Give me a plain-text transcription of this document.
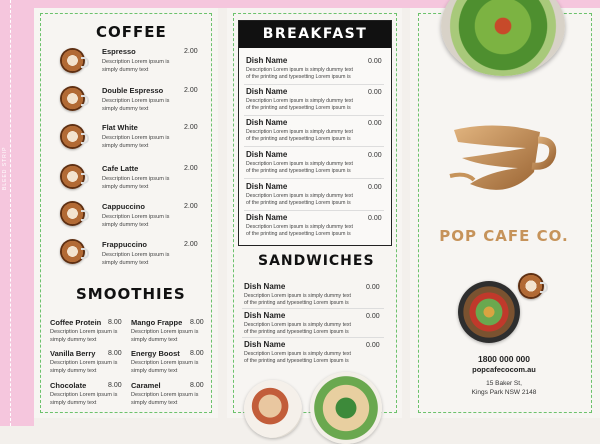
BLEED STRIP
COFFEE
Espresso	2.00
Description Lorem ipsum is
simply dummy text
Double Espresso	2.00
Description Lorem ipsum is
simply dummy text
Flat White	2.00
Description Lorem ipsum is
simply dummy text
Cafe Latte	2.00
Description Lorem ipsum is
simply dummy text
Cappuccino	2.00
Description Lorem ipsum is
simply dummy text
Frappuccino	2.00
Description Lorem ipsum is
simply dummy text
SMOOTHIES
Coffee Protein 8.00
Description Lorem ipsum is
simply dummy text
Mango Frappe 8.00
Description Lorem ipsum is
simply dummy text
Vanilla Berry 8.00
Description Lorem ipsum is
simply dummy text
Energy Boost 8.00
Description Lorem ipsum is
simply dummy text
Chocolate	8.00
Description Lorem ipsum is
simply dummy text
Caramel	8.00
Description Lorem ipsum is
simply dummy text
BREAKFAST
Dish Name	0.00
Description Lorem ipsum is simply dummy text
of the printing and typesetting Lorem ipsum is
Dish Name	0.00
Description Lorem ipsum is simply dummy text
of the printing and typesetting Lorem ipsum is
Dish Name	0.00
Description Lorem ipsum is simply dummy text
of the printing and typesetting Lorem ipsum is
Dish Name	0.00
Description Lorem ipsum is simply dummy text
of the printing and typesetting Lorem ipsum is
Dish Name	0.00
Description Lorem ipsum is simply dummy text
of the printing and typesetting Lorem ipsum is
Dish Name	0.00
Description Lorem ipsum is simply dummy text
of the printing and typesetting Lorem ipsum is
SANDWICHES
Dish Name	0.00
Description Lorem ipsum is simply dummy text
of the printing and typesetting Lorem ipsum is
Dish Name	0.00
Description Lorem ipsum is simply dummy text
of the printing and typesetting Lorem ipsum is
Dish Name	0.00
Description Lorem ipsum is simply dummy text
of the printing and typesetting Lorem ipsum is
POP CAFE CO.
1800 000 000
popcafecocom.au
15 Baker St,
Kings Park NSW 2148
